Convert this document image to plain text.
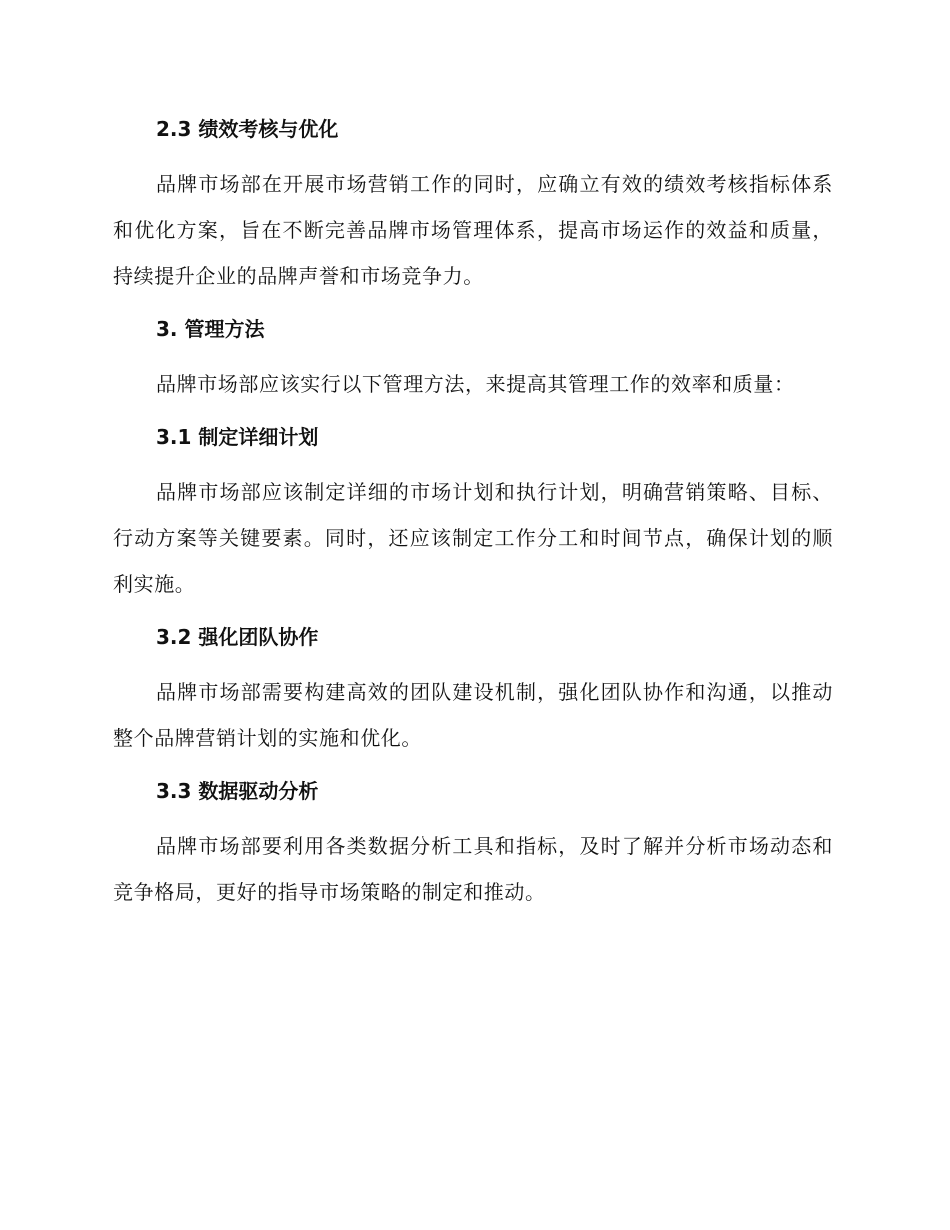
2.3 绩效考核与优化

品牌市场部在开展市场营销工作的同时，应确立有效的绩效考核指标体系和优化方案，旨在不断完善品牌市场管理体系，提高市场运作的效益和质量，持续提升企业的品牌声誉和市场竞争力。

3. 管理方法

品牌市场部应该实行以下管理方法，来提高其管理工作的效率和质量：

3.1 制定详细计划

品牌市场部应该制定详细的市场计划和执行计划，明确营销策略、目标、行动方案等关键要素。同时，还应该制定工作分工和时间节点，确保计划的顺利实施。

3.2 强化团队协作

品牌市场部需要构建高效的团队建设机制，强化团队协作和沟通，以推动整个品牌营销计划的实施和优化。

3.3 数据驱动分析

品牌市场部要利用各类数据分析工具和指标，及时了解并分析市场动态和竞争格局，更好的指导市场策略的制定和推动。
